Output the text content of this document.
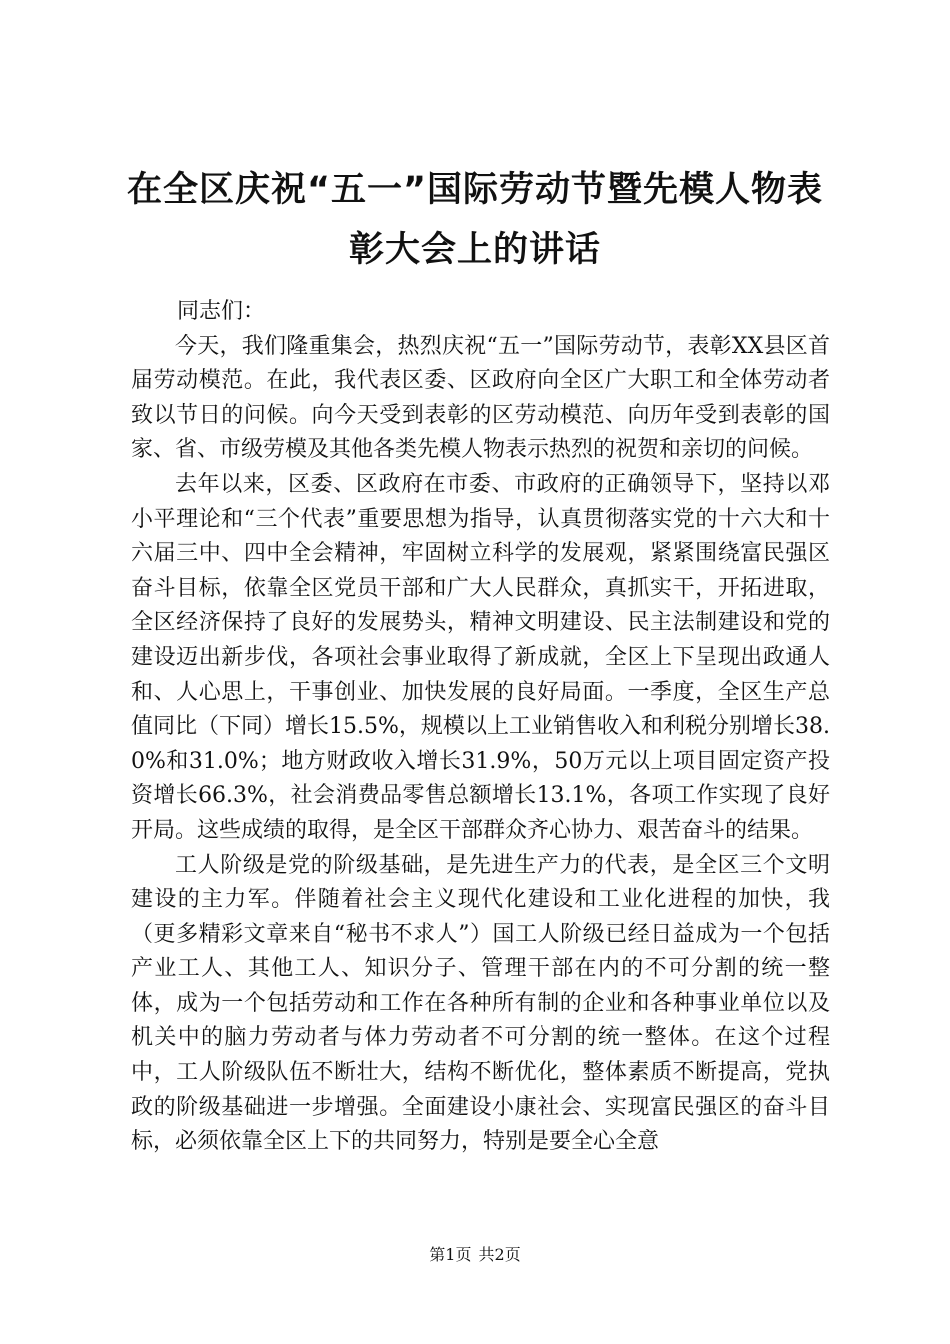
在全区庆祝“五一”国际劳动节暨先模人物表
彰大会上的讲话

同志们：

今天，我们隆重集会，热烈庆祝“五一”国际劳动节，表彰XX县区首届劳动模范。在此，我代表区委、区政府向全区广大职工和全体劳动者致以节日的问候。向今天受到表彰的区劳动模范、向历年受到表彰的国家、省、市级劳模及其他各类先模人物表示热烈的祝贺和亲切的问候。

去年以来，区委、区政府在市委、市政府的正确领导下，坚持以邓小平理论和“三个代表”重要思想为指导，认真贯彻落实党的十六大和十六届三中、四中全会精神，牢固树立科学的发展观，紧紧围绕富民强区奋斗目标，依靠全区党员干部和广大人民群众，真抓实干，开拓进取，全区经济保持了良好的发展势头，精神文明建设、民主法制建设和党的建设迈出新步伐，各项社会事业取得了新成就，全区上下呈现出政通人和、人心思上，干事创业、加快发展的良好局面。一季度，全区生产总值同比（下同）增长15.5%，规模以上工业销售收入和利税分别增长38.0%和31.0%；地方财政收入增长31.9%，50万元以上项目固定资产投资增长66.3%，社会消费品零售总额增长13.1%，各项工作实现了良好开局。这些成绩的取得，是全区干部群众齐心协力、艰苦奋斗的结果。

工人阶级是党的阶级基础，是先进生产力的代表，是全区三个文明建设的主力军。伴随着社会主义现代化建设和工业化进程的加快，我（更多精彩文章来自“秘书不求人”）国工人阶级已经日益成为一个包括产业工人、其他工人、知识分子、管理干部在内的不可分割的统一整体，成为一个包括劳动和工作在各种所有制的企业和各种事业单位以及机关中的脑力劳动者与体力劳动者不可分割的统一整体。在这个过程中，工人阶级队伍不断壮大，结构不断优化，整体素质不断提高，党执政的阶级基础进一步增强。全面建设小康社会、实现富民强区的奋斗目标，必须依靠全区上下的共同努力，特别是要全心全意

第1页 共2页
